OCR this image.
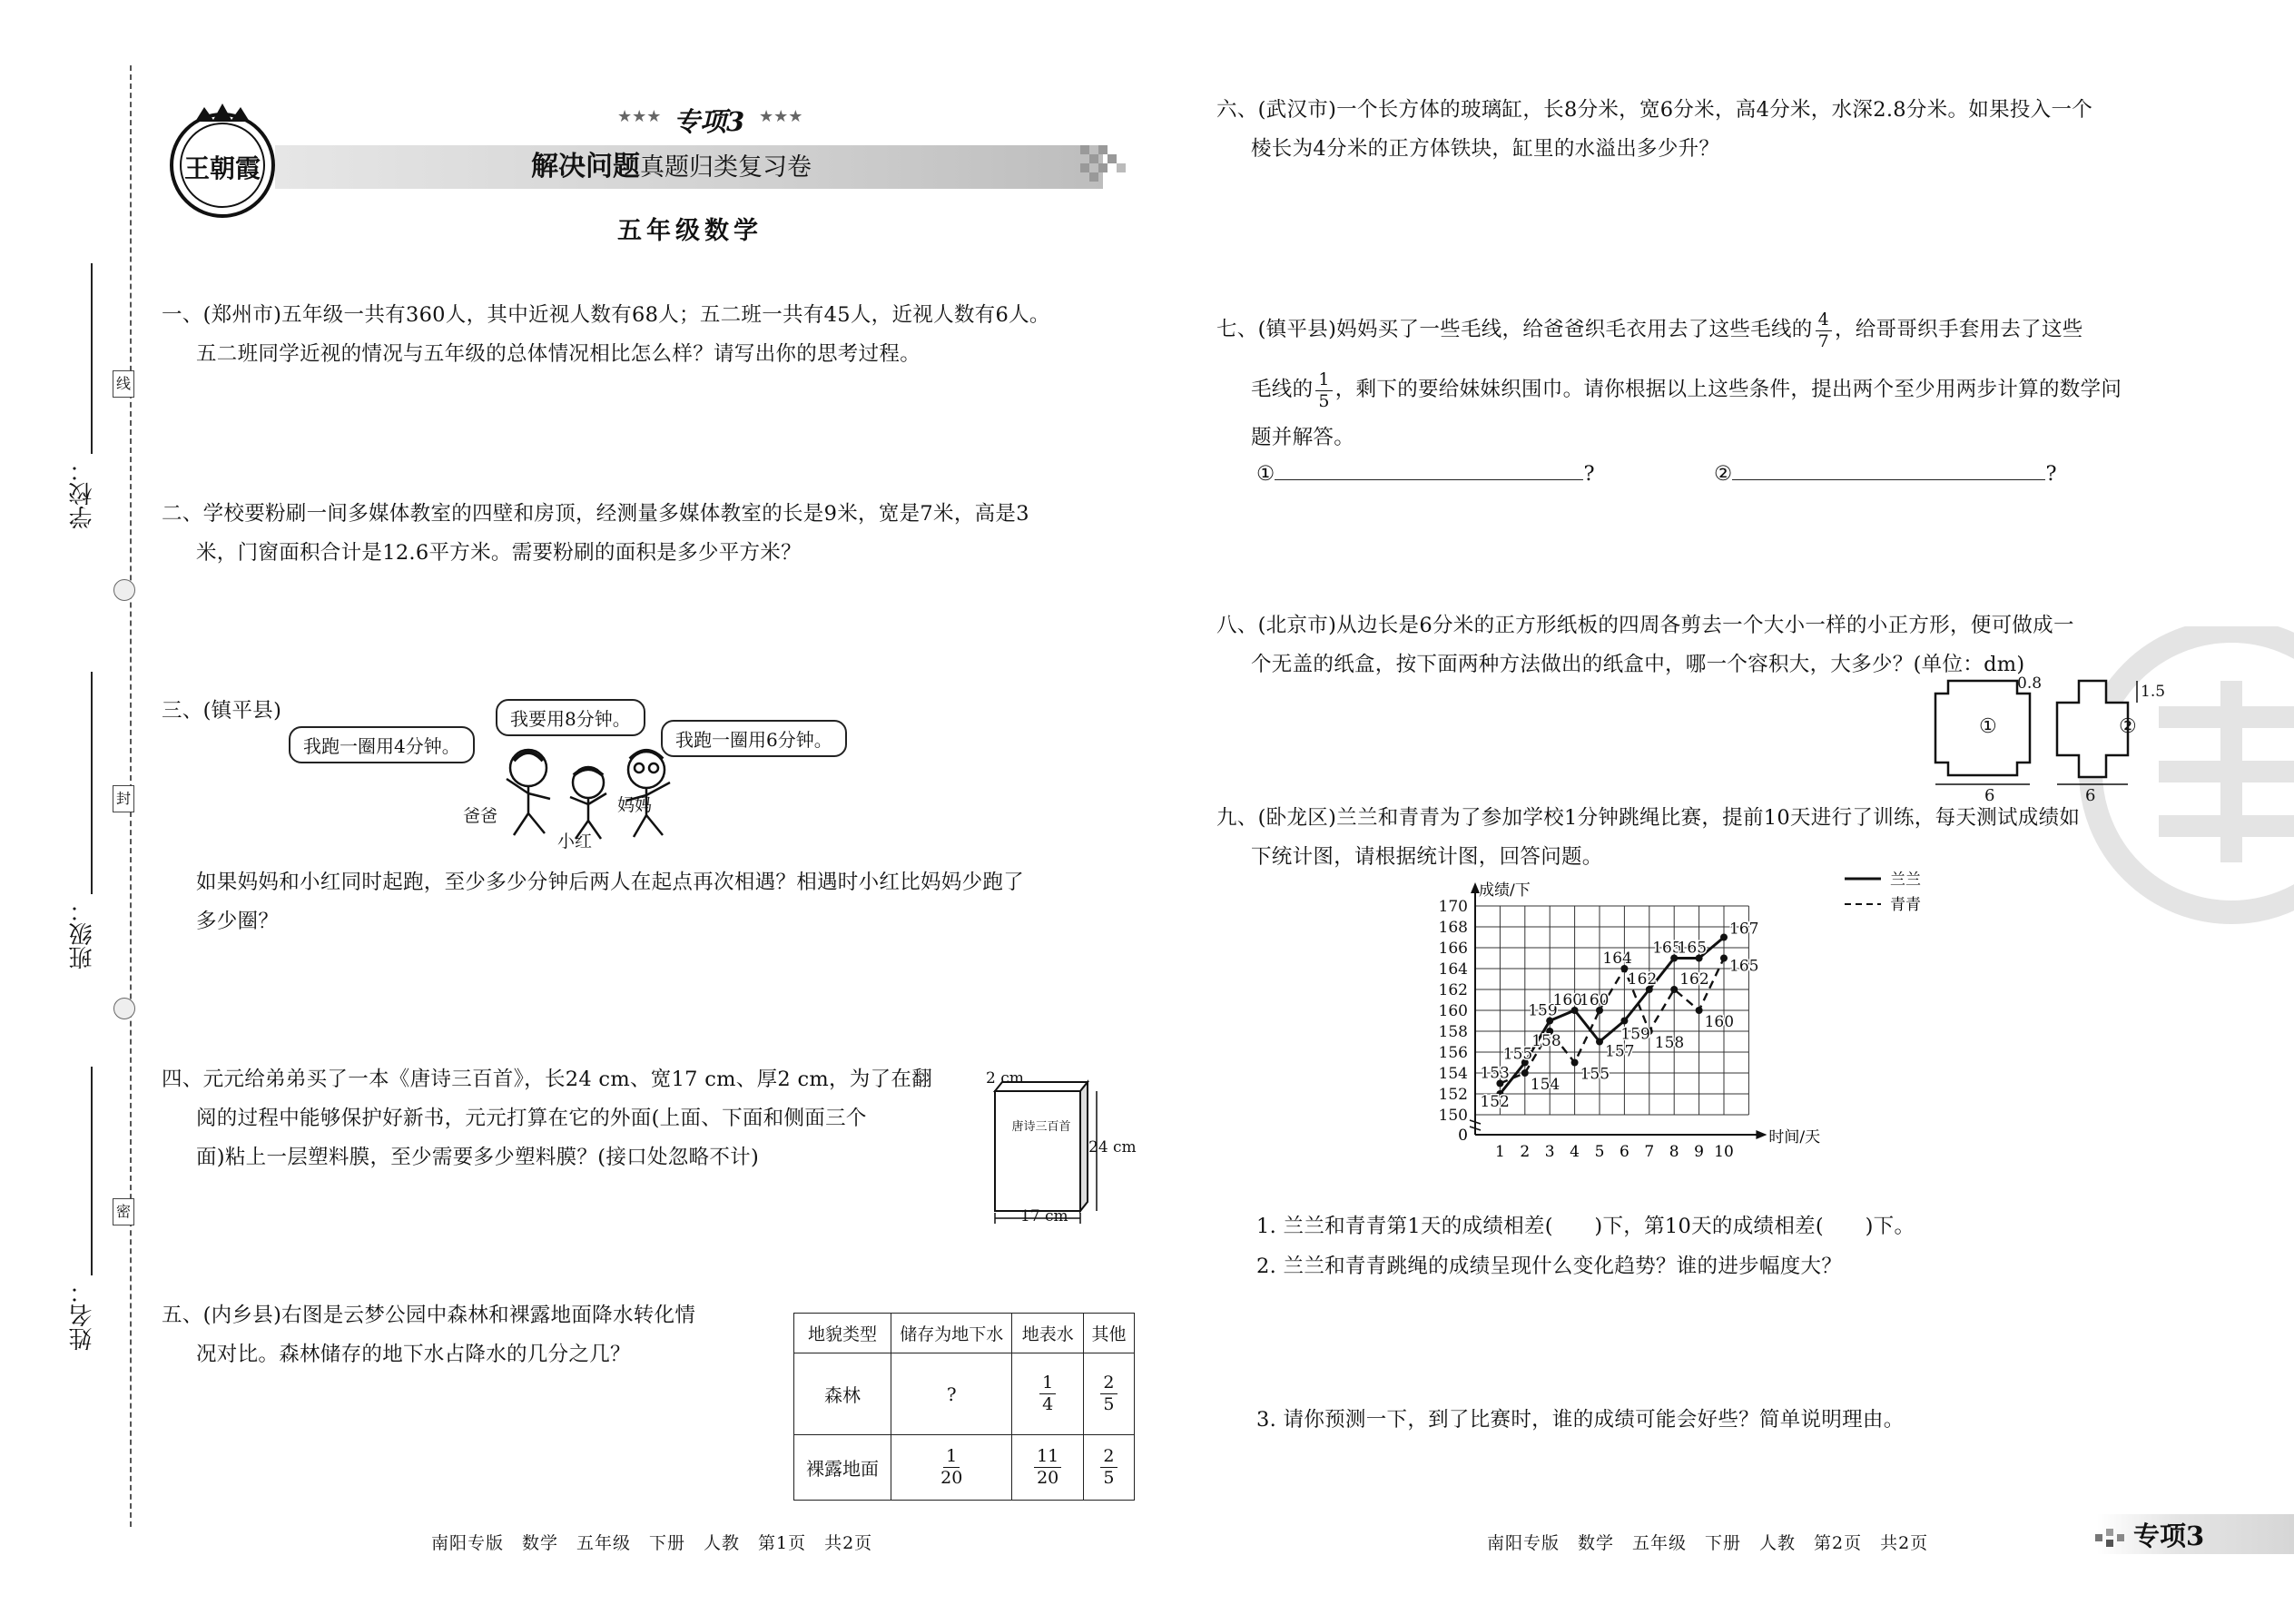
学校：
班级：
姓名：
线
封
密
王朝霞
★★★ 专项3 ★★★
解决问题真题归类复习卷
五年级数学

一、(郑州市)五年级一共有360人，其中近视人数有68人；五二班一共有45人，近视人数有6人。

五二班同学近视的情况与五年级的总体情况相比怎么样？请写出你的思考过程。

二、学校要粉刷一间多媒体教室的四壁和房顶，经测量多媒体教室的长是9米，宽是7米，高是3

米，门窗面积合计是12.6平方米。需要粉刷的面积是多少平方米？

三、(镇平县)
我跑一圈用4分钟。
我要用8分钟。
我跑一圈用6分钟。
爸爸
小红
妈妈

如果妈妈和小红同时起跑，至少多少分钟后两人在起点再次相遇？相遇时小红比妈妈少跑了

多少圈？

四、元元给弟弟买了一本《唐诗三百首》，长24 cm、宽17 cm、厚2 cm，为了在翻

阅的过程中能够保护好新书，元元打算在它的外面(上面、下面和侧面三个

面)粘上一层塑料膜，至少需要多少塑料膜？(接口处忽略不计)

2 cm
唐诗三百首
24 cm
17 cm

五、(内乡县)右图是云梦公园中森林和裸露地面降水转化情

况对比。森林储存的地下水占降水的几分之几？

地貌类型	储存为地下水	地表水	其他
森林	?	$\frac{1}{4}$	$\frac{2}{5}$

裸露地面	$\frac{1}{20}$	$\frac{11}{20}$	$\frac{2}{5}$
南阳专版　数学　五年级　下册　人教　第1页　共2页

六、(武汉市)一个长方体的玻璃缸，长8分米，宽6分米，高4分米，水深2.8分米。如果投入一个

棱长为4分米的正方体铁块，缸里的水溢出多少升？

七、(镇平县)妈妈买了一些毛线，给爸爸织毛衣用去了这些毛线的 $\frac{4}{7}$ ，给哥哥织手套用去了这些

毛线的 $\frac{1}{5}$ ，剩下的要给妹妹织围巾。请你根据以上这些条件，提出两个至少用两步计算的数学问

题并解答。

①	?	②	?

八、(北京市)从边长是6分米的正方形纸板的四周各剪去一个大小一样的小正方形，便可做成一

个无盖的纸盒，按下面两种方法做出的纸盒中，哪一个容积大，大多少？(单位：dm)

①	②
0.8	1.5
6	6

九、(卧龙区)兰兰和青青为了参加学校1分钟跳绳比赛，提前10天进行了训练，每天测试成绩如

下统计图，请根据统计图，回答问题。

150
152
154
156
158
160
162
164
166
168
170
0
1 2 3 4 5 6 7 8 9 10
成绩/下
时间/天
152
155
159
160
157
159
162
165
165
167
153
154
158
155
160
164
158
162
160
165
兰兰
青青
1. 兰兰和青青第1天的成绩相差(　　)下，第10天的成绩相差(　　)下。
2. 兰兰和青青跳绳的成绩呈现什么变化趋势？谁的进步幅度大？
3. 请你预测一下，到了比赛时，谁的成绩可能会好些？简单说明理由。
南阳专版　数学　五年级　下册　人教　第2页　共2页	专项3
